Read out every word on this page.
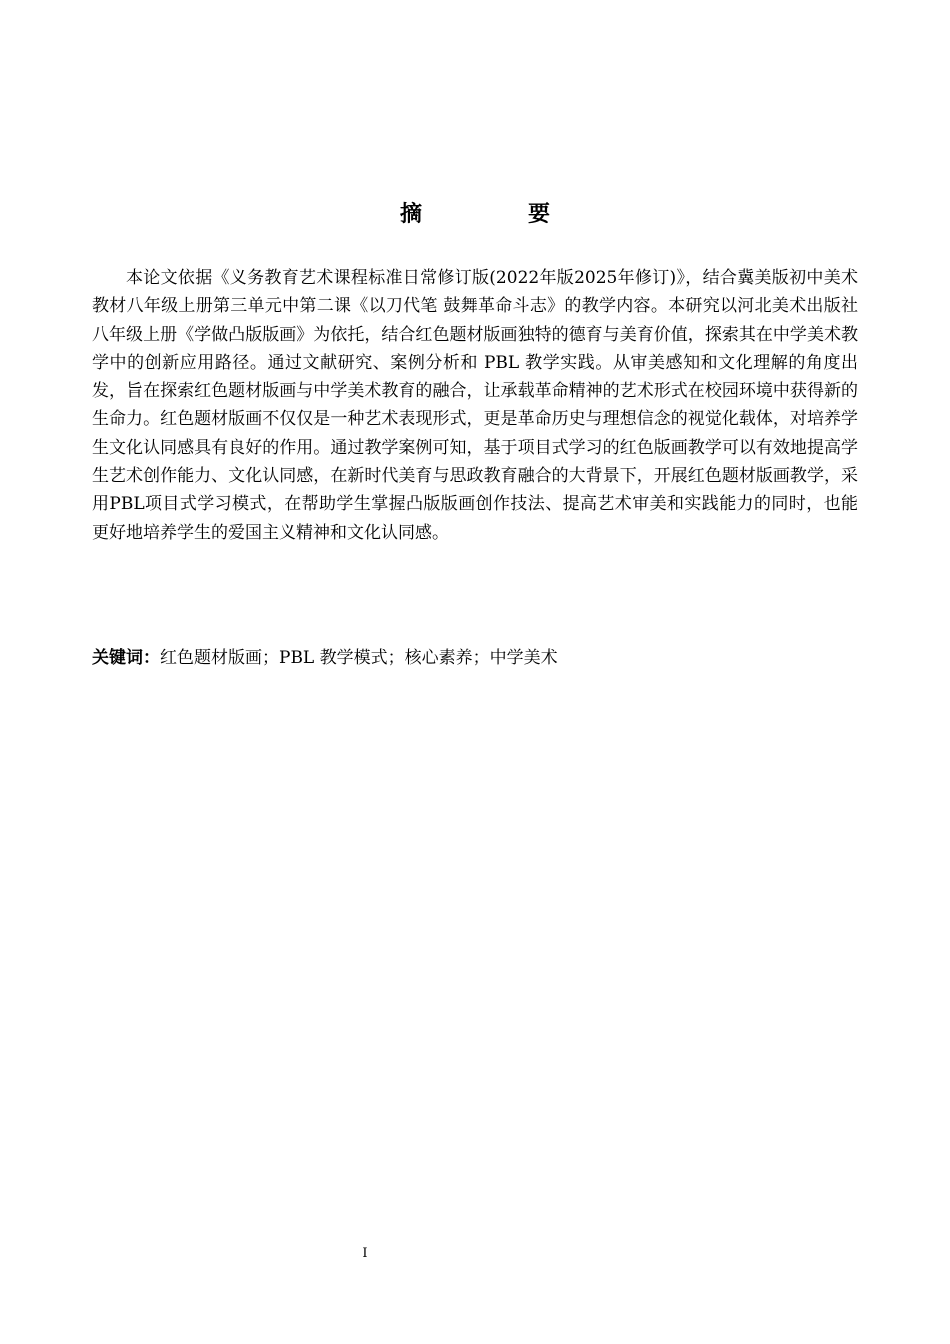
摘　要

本论文依据《义务教育艺术课程标准日常修订版(2022年版2025年修订)》，结合冀美版初中美术教材八年级上册第三单元中第二课《以刀代笔 鼓舞革命斗志》的教学内容。本研究以河北美术出版社八年级上册《学做凸版版画》为依托，结合红色题材版画独特的德育与美育价值，探索其在中学美术教学中的创新应用路径。通过文献研究、案例分析和 PBL 教学实践。从审美感知和文化理解的角度出发，旨在探索红色题材版画与中学美术教育的融合，让承载革命精神的艺术形式在校园环境中获得新的生命力。红色题材版画不仅仅是一种艺术表现形式，更是革命历史与理想信念的视觉化载体，对培养学生文化认同感具有良好的作用。通过教学案例可知，基于项目式学习的红色版画教学可以有效地提高学生艺术创作能力、文化认同感，在新时代美育与思政教育融合的大背景下，开展红色题材版画教学，采用PBL项目式学习模式，在帮助学生掌握凸版版画创作技法、提高艺术审美和实践能力的同时，也能更好地培养学生的爱国主义精神和文化认同感。

关键词：红色题材版画；PBL 教学模式；核心素养；中学美术
I
